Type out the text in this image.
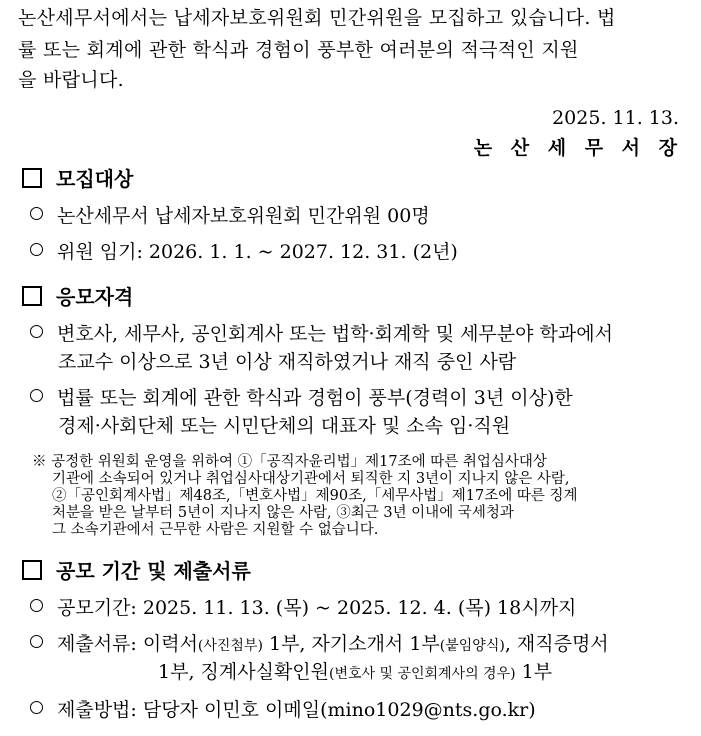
논산세무서에서는 납세자보호위원회 민간위원을 모집하고 있습니다. 법
률 또는 회계에 관한 학식과 경험이 풍부한 여러분의 적극적인 지원
을 바랍니다.
2025. 11. 13.
논 산 세 무 서 장
모집대상
논산세무서 납세자보호위원회 민간위원 00명
위원 임기: 2026. 1. 1. ~ 2027. 12. 31. (2년)
응모자격
변호사, 세무사, 공인회계사 또는 법학·회계학 및 세무분야 학과에서
조교수 이상으로 3년 이상 재직하였거나 재직 중인 사람
법률 또는 회계에 관한 학식과 경험이 풍부(경력이 3년 이상)한
경제·사회단체 또는 시민단체의 대표자 및 소속 임·직원
※ 공정한 위원회 운영을 위하여 ①「공직자윤리법」제17조에 따른 취업심사대상
기관에 소속되어 있거나 취업심사대상기관에서 퇴직한 지 3년이 지나지 않은 사람,
②「공인회계사법」제48조,「변호사법」제90조,「세무사법」제17조에 따른 징계
처분을 받은 날부터 5년이 지나지 않은 사람, ③최근 3년 이내에 국세청과
그 소속기관에서 근무한 사람은 지원할 수 없습니다.
공모 기간 및 제출서류
공모기간: 2025. 11. 13. (목) ~ 2025. 12. 4. (목) 18시까지
제출서류: 이력서(사진첨부) 1부, 자기소개서 1부(붙임양식), 재직증명서
1부, 징계사실확인원(변호사 및 공인회계사의 경우) 1부
제출방법: 담당자 이민호 이메일(mino1029@nts.go.kr)
